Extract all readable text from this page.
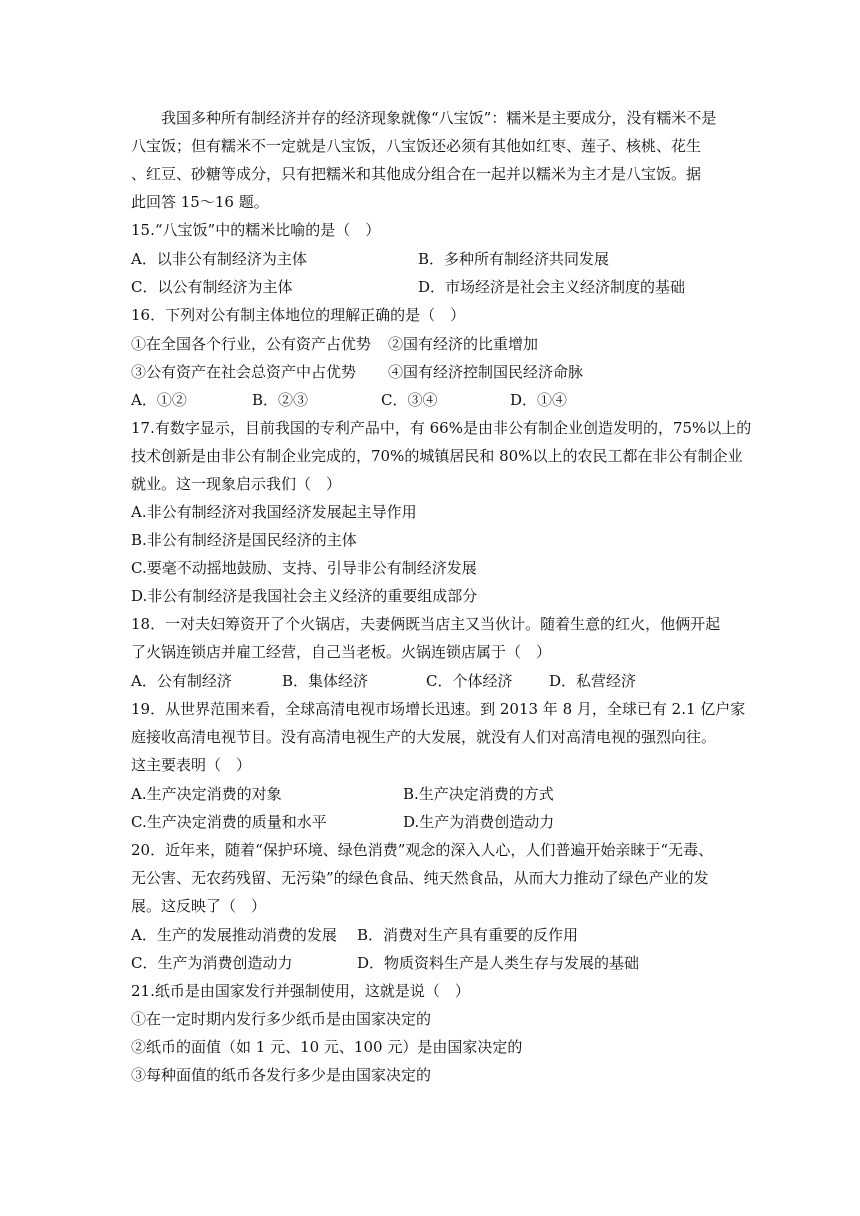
我国多种所有制经济并存的经济现象就像“八宝饭”：糯米是主要成分，没有糯米不是
八宝饭；但有糯米不一定就是八宝饭，八宝饭还必须有其他如红枣、莲子、核桃、花生
、红豆、砂糖等成分，只有把糯米和其他成分组合在一起并以糯米为主才是八宝饭。据
此回答 15～16 题。
15.“八宝饭”中的糯米比喻的是（　）
A．以非公有制经济为主体	B．多种所有制经济共同发展
C．以公有制经济为主体	D．市场经济是社会主义经济制度的基础
16．下列对公有制主体地位的理解正确的是（　）
①在全国各个行业，公有资产占优势 ②国有经济的比重增加
③公有资产在社会总资产中占优势 ④国有经济控制国民经济命脉
A．①②	B．②③	C．③④	D．①④
17.有数字显示，目前我国的专利产品中，有 66%是由非公有制企业创造发明的，75%以上的
技术创新是由非公有制企业完成的，70%的城镇居民和 80%以上的农民工都在非公有制企业
就业。这一现象启示我们（　）
A.非公有制经济对我国经济发展起主导作用
B.非公有制经济是国民经济的主体
C.要毫不动摇地鼓励、支持、引导非公有制经济发展
D.非公有制经济是我国社会主义经济的重要组成部分
18．一对夫妇筹资开了个火锅店，夫妻俩既当店主又当伙计。随着生意的红火，他俩开起
了火锅连锁店并雇工经营，自己当老板。火锅连锁店属于（　）
A．公有制经济	B．集体经济	C．个体经济 D．私营经济
19．从世界范围来看，全球高清电视市场增长迅速。到 2013 年 8 月，全球已有 2.1 亿户家
庭接收高清电视节目。没有高清电视生产的大发展，就没有人们对高清电视的强烈向往。
这主要表明（　）
A.生产决定消费的对象	B.生产决定消费的方式
C.生产决定消费的质量和水平	D.生产为消费创造动力
20．近年来，随着“保护环境、绿色消费”观念的深入人心，人们普遍开始亲睐于“无毒、
无公害、无农药残留、无污染”的绿色食品、纯天然食品，从而大力推动了绿色产业的发
展。这反映了（　）
A．生产的发展推动消费的发展 B．消费对生产具有重要的反作用
C．生产为消费创造动力	D．物质资料生产是人类生存与发展的基础
21.纸币是由国家发行并强制使用，这就是说（　）
①在一定时期内发行多少纸币是由国家决定的
②纸币的面值（如 1 元、10 元、100 元）是由国家决定的
③每种面值的纸币各发行多少是由国家决定的
